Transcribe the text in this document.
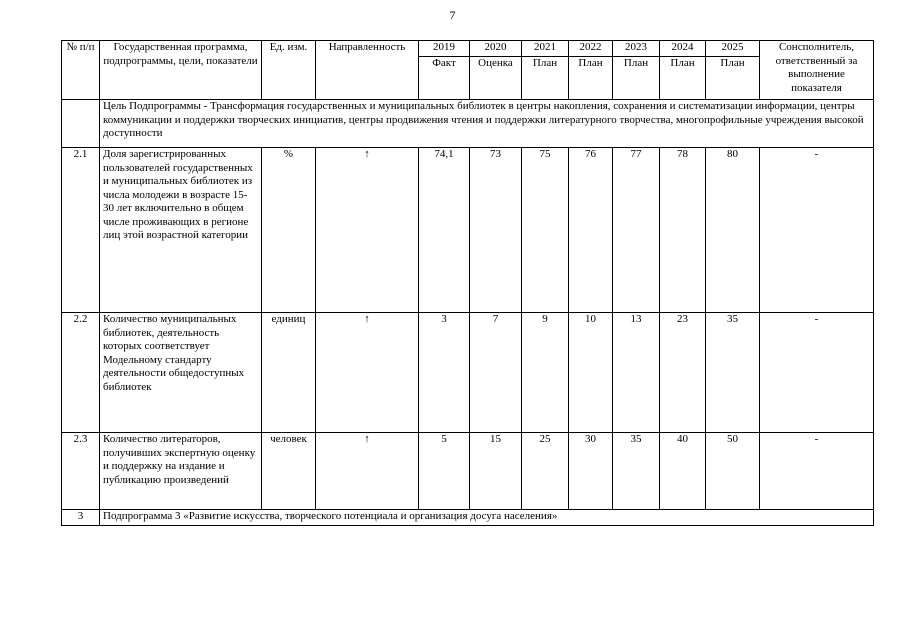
7
№ п/п	Государственная программа, подпрограммы, цели, показатели	Ед. изм.	Направленность	2019	2020	2021	2022	2023	2024	2025	Сонсполнитель, ответственный за выполнение показателя
				Факт	Оценка	План	План	План	План	План	
	Цель Подпрограммы - Трансформация государственных и муниципальных библиотек в центры накопления, сохранения и систематизации информации, центры коммуникации и поддержки творческих инициатив, центры продвижения чтения и поддержки литературного творчества, многопрофильные учреждения высокой доступности										
2.1	Доля зарегистрированных пользователей государственных и муниципальных библиотек из числа молодежи в возрасте 15-30 лет включительно в общем числе проживающих в регионе лиц этой возрастной категории	%	↑	74,1	73	75	76	77	78	80	-
2.2	Количество муниципальных библиотек, деятельность которых соответствует Модельному стандарту деятельности общедоступных библиотек	единиц	↑	3	7	9	10	13	23	35	-
2.3	Количество литераторов, получивших экспертную оценку и поддержку на издание и публикацию произведений	человек	↑	5	15	25	30	35	40	50	-
3	Подпрограмма 3 «Развитие искусства, творческого потенциала и организация досуга населения»										
